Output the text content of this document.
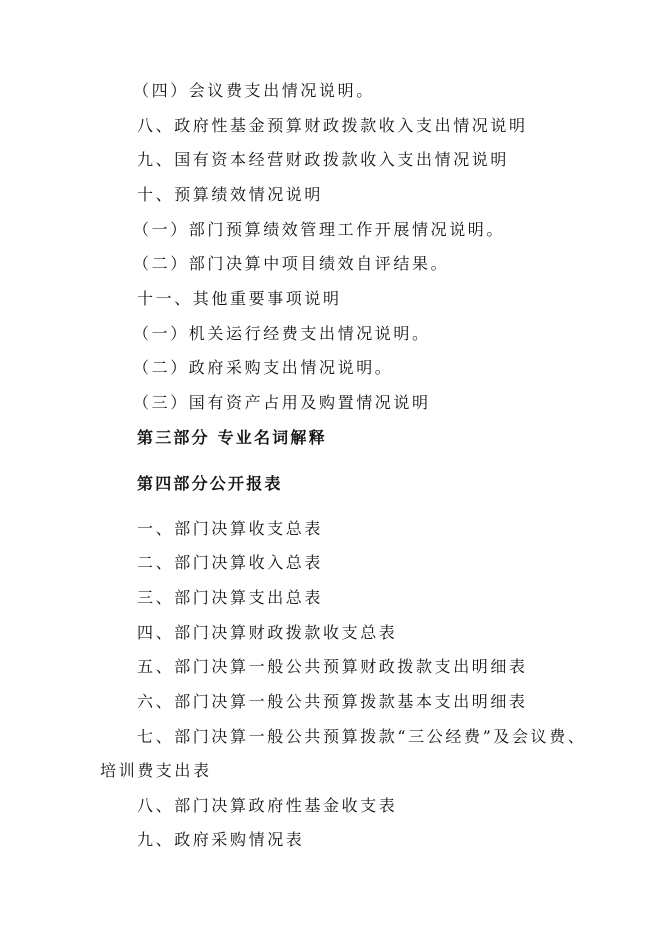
（四）会议费支出情况说明。
八、政府性基金预算财政拨款收入支出情况说明
九、国有资本经营财政拨款收入支出情况说明
十、预算绩效情况说明
（一）部门预算绩效管理工作开展情况说明。
（二）部门决算中项目绩效自评结果。
十一、其他重要事项说明
（一）机关运行经费支出情况说明。
（二）政府采购支出情况说明。
（三）国有资产占用及购置情况说明
第三部分 专业名词解释
第四部分公开报表
一、部门决算收支总表
二、部门决算收入总表
三、部门决算支出总表
四、部门决算财政拨款收支总表
五、部门决算一般公共预算财政拨款支出明细表
六、部门决算一般公共预算拨款基本支出明细表
七、部门决算一般公共预算拨款“三公经费”及会议费、
培训费支出表
八、部门决算政府性基金收支表
九、政府采购情况表
